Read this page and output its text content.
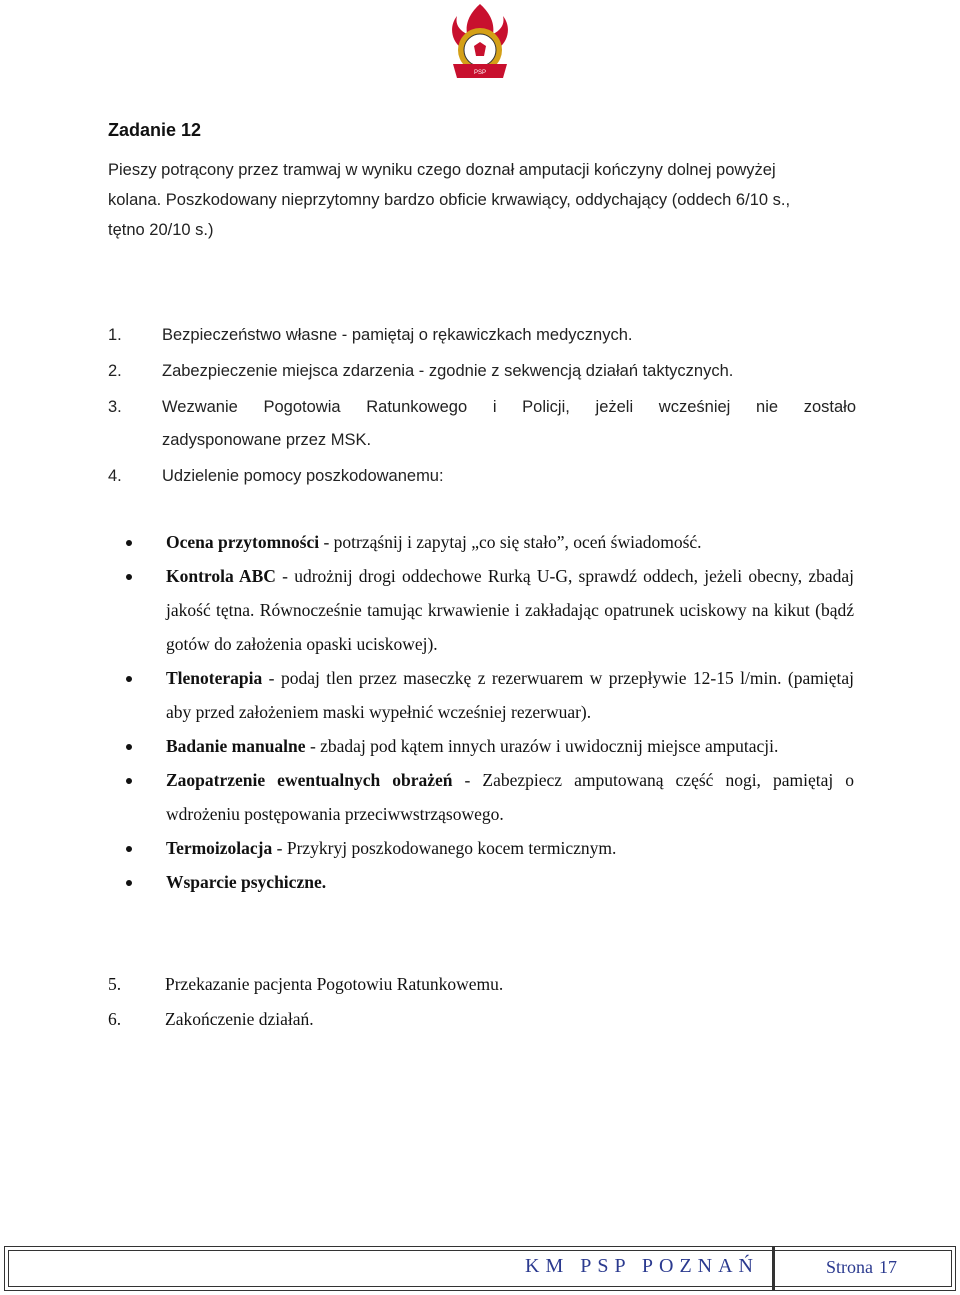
PSP
Zadanie 12
Pieszy potrącony przez tramwaj w wyniku czego doznał amputacji kończyny dolnej powyżej
kolana. Poszkodowany nieprzytomny bardzo obficie krwawiący, oddychający (oddech 6/10 s.,
tętno 20/10 s.)
1. Bezpieczeństwo własne - pamiętaj o rękawiczkach medycznych.
2. Zabezpieczenie miejsca zdarzenia - zgodnie z sekwencją działań taktycznych.
3. Wezwanie Pogotowia Ratunkowego i Policji, jeżeli wcześniej nie zostało
zadysponowane przez MSK.
4. Udzielenie pomocy poszkodowanemu:
Ocena przytomności - potrząśnij i zapytaj „co się stało”, oceń świadomość.
Kontrola ABC - udrożnij drogi oddechowe Rurką U-G, sprawdź oddech, jeżeli obecny, zbadaj jakość tętna. Równocześnie tamując krwawienie i zakładając opatrunek uciskowy na kikut (bądź gotów do założenia opaski uciskowej).
Tlenoterapia - podaj tlen przez maseczkę z rezerwuarem w przepływie 12-15 l/min. (pamiętaj aby przed założeniem maski wypełnić wcześniej rezerwuar).
Badanie manualne - zbadaj pod kątem innych urazów i uwidocznij miejsce amputacji.
Zaopatrzenie ewentualnych obrażeń - Zabezpiecz amputowaną część nogi, pamiętaj o wdrożeniu postępowania przeciwwstrząsowego.
Termoizolacja - Przykryj poszkodowanego kocem termicznym.
Wsparcie psychiczne.
5.	Przekazanie pacjenta Pogotowiu Ratunkowemu.
6.	Zakończenie działań.
KM PSP POZNAŃ	Strona 17
